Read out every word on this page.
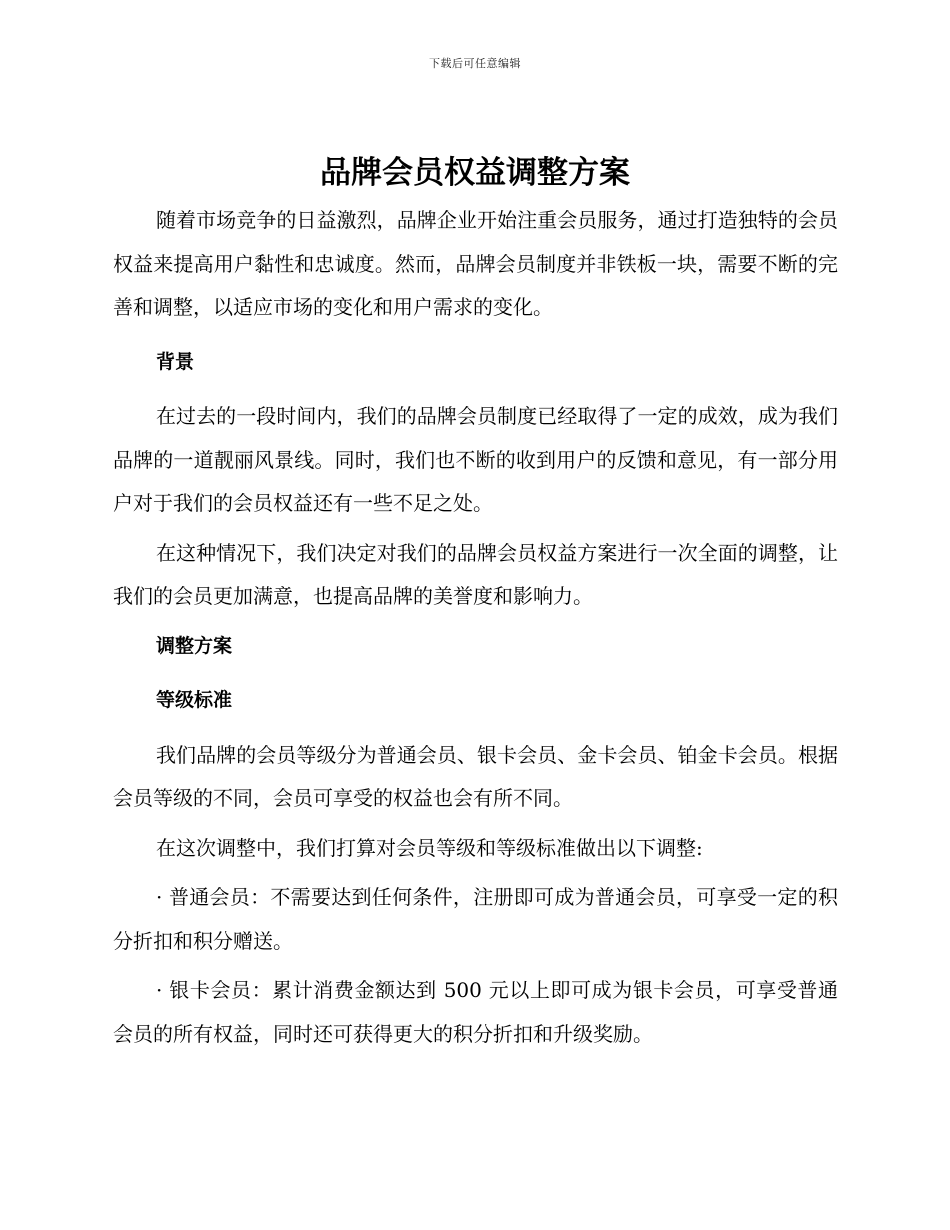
下载后可任意编辑
品牌会员权益调整方案

随着市场竞争的日益激烈，品牌企业开始注重会员服务，通过打造独特的会员权益来提高用户黏性和忠诚度。然而，品牌会员制度并非铁板一块，需要不断的完善和调整，以适应市场的变化和用户需求的变化。

背景

在过去的一段时间内，我们的品牌会员制度已经取得了一定的成效，成为我们品牌的一道靓丽风景线。同时，我们也不断的收到用户的反馈和意见，有一部分用户对于我们的会员权益还有一些不足之处。

在这种情况下，我们决定对我们的品牌会员权益方案进行一次全面的调整，让我们的会员更加满意，也提高品牌的美誉度和影响力。

调整方案
等级标准

我们品牌的会员等级分为普通会员、银卡会员、金卡会员、铂金卡会员。根据会员等级的不同，会员可享受的权益也会有所不同。

在这次调整中，我们打算对会员等级和等级标准做出以下调整:

· 普通会员：不需要达到任何条件，注册即可成为普通会员，可享受一定的积分折扣和积分赠送。

· 银卡会员：累计消费金额达到 500 元以上即可成为银卡会员，可享受普通会员的所有权益，同时还可获得更大的积分折扣和升级奖励。
